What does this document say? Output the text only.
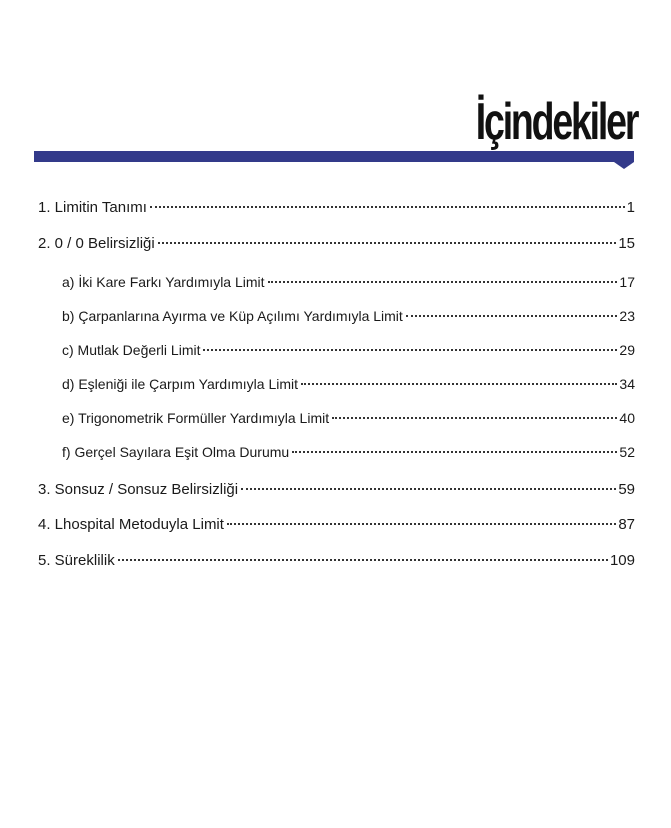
İçindekiler
1. Limitin Tanımı	1
2. 0 / 0 Belirsizliği	15
a) İki Kare Farkı Yardımıyla Limit	17
b) Çarpanlarına Ayırma ve Küp Açılımı Yardımıyla Limit	23
c) Mutlak Değerli Limit	29
d) Eşleniği ile Çarpım Yardımıyla Limit	34
e) Trigonometrik Formüller Yardımıyla Limit	40
f) Gerçel Sayılara Eşit Olma Durumu	52
3. Sonsuz / Sonsuz Belirsizliği	59
4. Lhospital Metoduyla Limit	87
5. Süreklilik	109
